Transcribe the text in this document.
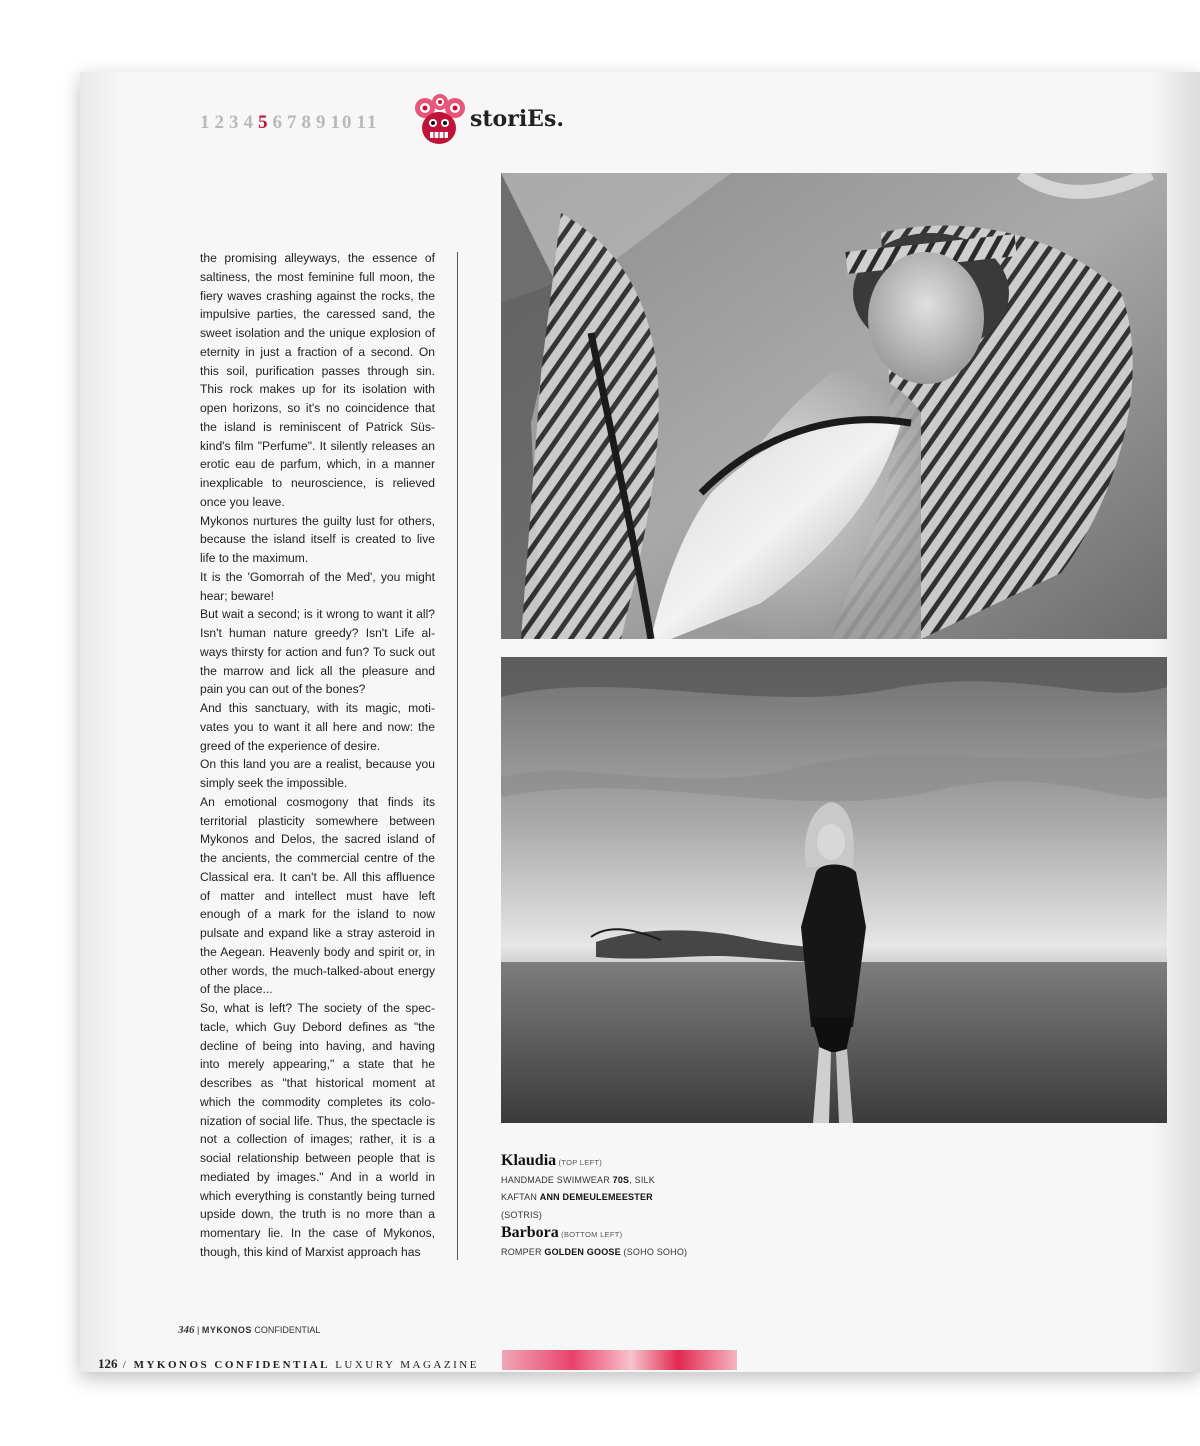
1 2 3 4 5 6 7 8 9 10 11	storiEs.

the promising alleyways, the essence of saltiness, the most feminine full moon, the fiery waves crashing against the rocks, the impulsive parties, the caressed sand, the sweet isolation and the unique explosion of eternity in just a fraction of a second. On this soil, purification passes through sin. This rock makes up for its isolation with open horizons, so it's no coincidence that the island is reminiscent of Patrick Süskind's film "Perfume". It silently releases an erotic eau de parfum, which, in a manner inexplicable to neuroscience, is relieved once you leave.

Mykonos nurtures the guilty lust for others, because the island itself is created to live life to the maximum.

It is the 'Gomorrah of the Med', you might hear; beware!

But wait a second; is it wrong to want it all? Isn't human nature greedy? Isn't Life always thirsty for action and fun? To suck out the marrow and lick all the pleasure and pain you can out of the bones?

And this sanctuary, with its magic, motivates you to want it all here and now: the greed of the experience of desire.

On this land you are a realist, because you simply seek the impossible.

An emotional cosmogony that finds its territorial plasticity somewhere between Mykonos and Delos, the sacred island of the ancients, the commercial centre of the Classical era. It can't be. All this affluence of matter and intellect must have left enough of a mark for the island to now pulsate and expand like a stray asteroid in the Aegean. Heavenly body and spirit or, in other words, the much-talked-about energy of the place...

So, what is left? The society of the spectacle, which Guy Debord defines as "the decline of being into having, and having into merely appearing," a state that he describes as "that historical moment at which the commodity completes its colonization of social life. Thus, the spectacle is not a collection of images; rather, it is a social relationship between people that is mediated by images." And in a world in which everything is constantly being turned upside down, the truth is no more than a momentary lie. In the case of Mykonos, though, this kind of Marxist approach has

Klaudia (TOP LEFT)
HANDMADE SWIMWEAR 70S, SILK
KAFTAN ANN DEMEULEMEESTER
(SOTRIS)
Barbora (BOTTOM LEFT)
ROMPER GOLDEN GOOSE (SOHO SOHO)
346 | MYKONOS CONFIDENTIAL
126 / MYKONOS CONFIDENTIAL LUXURY MAGAZINE
